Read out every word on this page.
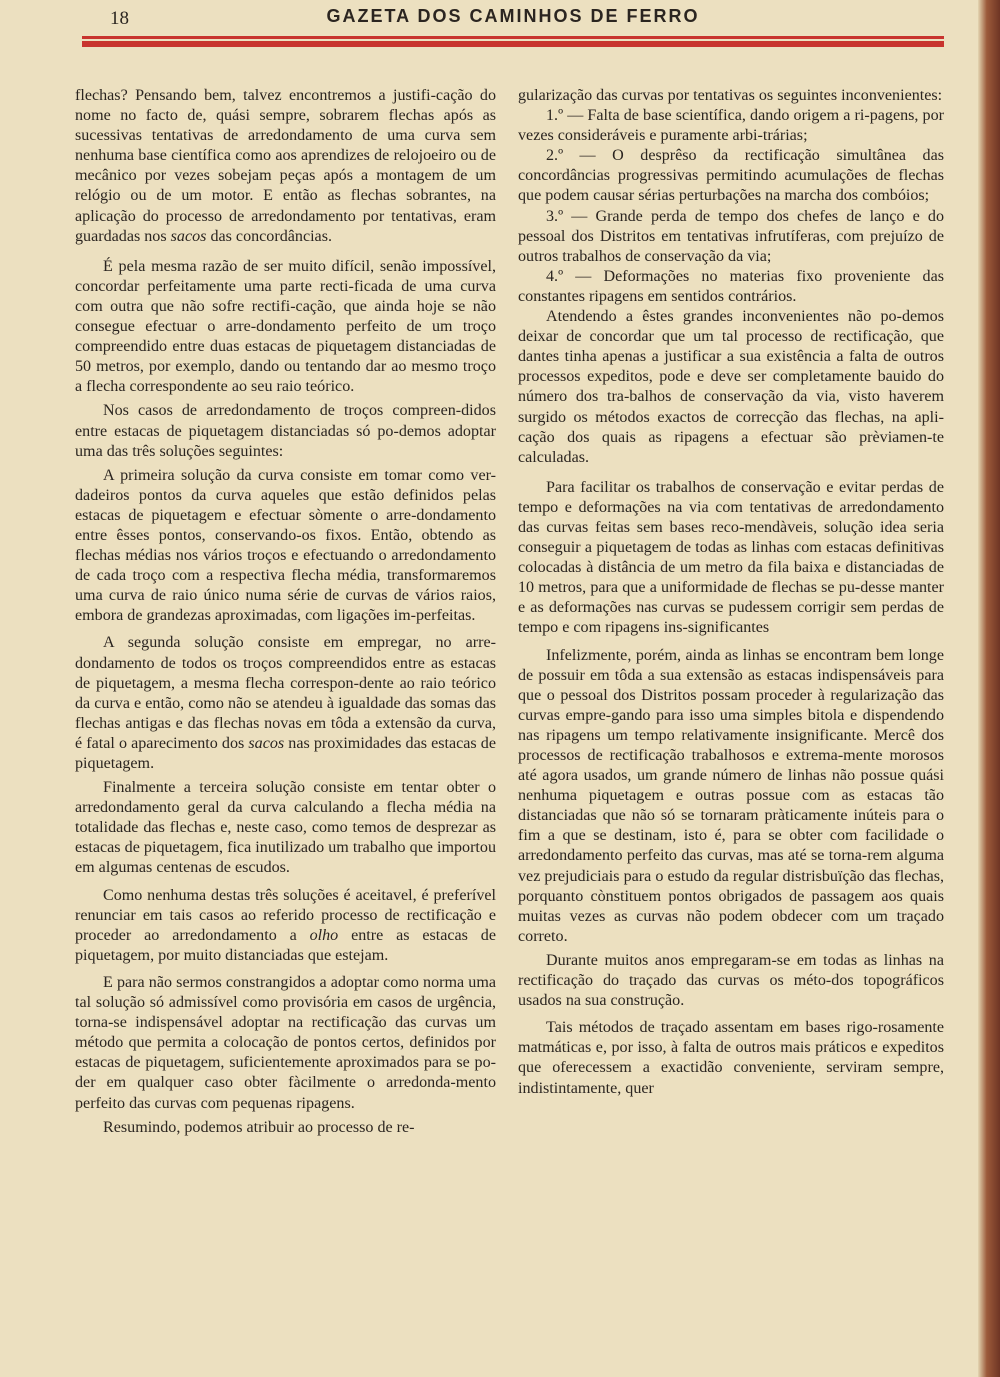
18	GAZETA DOS CAMINHOS DE FERRO

flechas? Pensando bem, talvez encontremos a justifi-cação do nome no facto de, quási sempre, sobrarem flechas após as sucessivas tentativas de arredondamento de uma curva sem nenhuma base científica como aos aprendizes de relojoeiro ou de mecânico por vezes sobejam peças após a montagem de um relógio ou de um motor. E então as flechas sobrantes, na aplicação do processo de arredondamento por tentativas, eram guardadas nos sacos das concordâncias.

É pela mesma razão de ser muito difícil, senão impossível, concordar perfeitamente uma parte recti-ficada de uma curva com outra que não sofre rectifi-cação, que ainda hoje se não consegue efectuar o arre-dondamento perfeito de um troço compreendido entre duas estacas de piquetagem distanciadas de 50 metros, por exemplo, dando ou tentando dar ao mesmo troço a flecha correspondente ao seu raio teórico.

Nos casos de arredondamento de troços compreen-didos entre estacas de piquetagem distanciadas só po-demos adoptar uma das três soluções seguintes:

A primeira solução da curva consiste em tomar como ver-dadeiros pontos da curva aqueles que estão definidos pelas estacas de piquetagem e efectuar sòmente o arre-dondamento entre êsses pontos, conservando-os fixos. Então, obtendo as flechas médias nos vários troços e efectuando o arredondamento de cada troço com a respectiva flecha média, transformaremos uma curva de raio único numa série de curvas de vários raios, embora de grandezas aproximadas, com ligações im-perfeitas.

A segunda solução consiste em empregar, no arre-dondamento de todos os troços compreendidos entre as estacas de piquetagem, a mesma flecha correspon-dente ao raio teórico da curva e então, como não se atendeu à igualdade das somas das flechas antigas e das flechas novas em tôda a extensão da curva, é fatal o aparecimento dos sacos nas proximidades das estacas de piquetagem.

Finalmente a terceira solução consiste em tentar obter o arredondamento geral da curva calculando a flecha média na totalidade das flechas e, neste caso, como temos de desprezar as estacas de piquetagem, fica inutilizado um trabalho que importou em algumas centenas de escudos.

Como nenhuma destas três soluções é aceitavel, é preferível renunciar em tais casos ao referido processo de rectificação e proceder ao arredondamento a olho entre as estacas de piquetagem, por muito distanciadas que estejam.

E para não sermos constrangidos a adoptar como norma uma tal solução só admissível como provisória em casos de urgência, torna-se indispensável adoptar na rectificação das curvas um método que permita a colocação de pontos certos, definidos por estacas de piquetagem, suficientemente aproximados para se po-der em qualquer caso obter fàcilmente o arredonda-mento perfeito das curvas com pequenas ripagens.

Resumindo, podemos atribuir ao processo de re-

gularização das curvas por tentativas os seguintes inconvenientes:

1.º — Falta de base scientífica, dando origem a ri-pagens, por vezes consideráveis e puramente arbi-trárias;

2.º — O desprêso da rectificação simultânea das concordâncias progressivas permitindo acumulações de flechas que podem causar sérias perturbações na marcha dos combóios;

3.º — Grande perda de tempo dos chefes de lanço e do pessoal dos Distritos em tentativas infrutíferas, com prejuízo de outros trabalhos de conservação da via;

4.º — Deformações no materias fixo proveniente das constantes ripagens em sentidos contrários.

Atendendo a êstes grandes inconvenientes não po-demos deixar de concordar que um tal processo de rectificação, que dantes tinha apenas a justificar a sua existência a falta de outros processos expeditos, pode e deve ser completamente bauido do número dos tra-balhos de conservação da via, visto haverem surgido os métodos exactos de correcção das flechas, na apli-cação dos quais as ripagens a efectuar são prèviamen-te calculadas.

Para facilitar os trabalhos de conservação e evitar perdas de tempo e deformações na via com tentativas de arredondamento das curvas feitas sem bases reco-mendàveis, solução idea seria conseguir a piquetagem de todas as linhas com estacas definitivas colocadas à distância de um metro da fila baixa e distanciadas de 10 metros, para que a uniformidade de flechas se pu-desse manter e as deformações nas curvas se pudessem corrigir sem perdas de tempo e com ripagens ins-significantes

Infelizmente, porém, ainda as linhas se encontram bem longe de possuir em tôda a sua extensão as estacas indispensáveis para que o pessoal dos Distritos possam proceder à regularização das curvas empre-gando para isso uma simples bitola e dispendendo nas ripagens um tempo relativamente insignificante. Mercê dos processos de rectificação trabalhosos e extrema-mente morosos até agora usados, um grande número de linhas não possue quási nenhuma piquetagem e outras possue com as estacas tão distanciadas que não só se tornaram pràticamente inúteis para o fim a que se destinam, isto é, para se obter com facilidade o arredondamento perfeito das curvas, mas até se torna-rem alguma vez prejudiciais para o estudo da regular distrisbuïção das flechas, porquanto cònstituem pontos obrigados de passagem aos quais muitas vezes as curvas não podem obdecer com um traçado correto.

Durante muitos anos empregaram-se em todas as linhas na rectificação do traçado das curvas os méto-dos topográficos usados na sua construção.

Tais métodos de traçado assentam em bases rigo-rosamente matmáticas e, por isso, à falta de outros mais práticos e expeditos que oferecessem a exactidão conveniente, serviram sempre, indistintamente, quer
